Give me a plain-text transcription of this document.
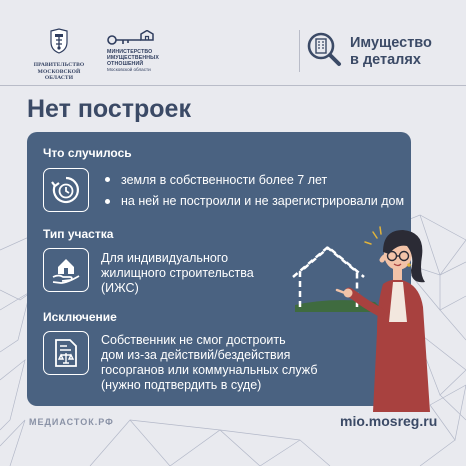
ПРАВИТЕЛЬСТВО
МОСКОВСКОЙ
ОБЛАСТИ
МИНИСТЕРСТВО
ИМУЩЕСТВЕННЫХ
ОТНОШЕНИЙ
Московской области
Имущество
в деталях
Нет построек
Что случилось
земля в собственности более 7 лет
на ней не построили и не зарегистрировали дом
Тип участка
Для индивидуального
жилищного строительства
(ИЖС)
Исключение
Собственник не смог достроить
дом из-за действий/бездействия
госорганов или коммунальных служб
(нужно подтвердить в суде)
МЕДИАСТОК.РФ	mio.mosreg.ru
